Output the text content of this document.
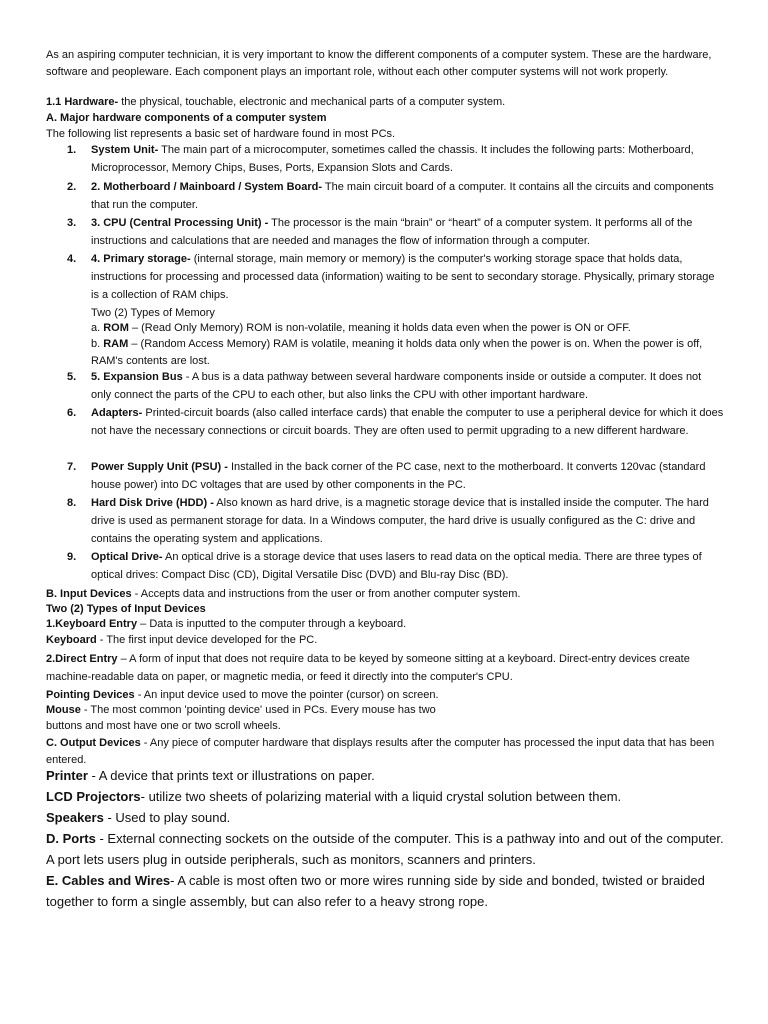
As an aspiring computer technician, it is very important to know the different components of a computer system. These are the hardware, software and peopleware. Each component plays an important role, without each other computer systems will not work properly.

1.1 Hardware- the physical, touchable, electronic and mechanical parts of a computer system.

A. Major hardware components of a computer system

The following list represents a basic set of hardware found in most PCs.

1. System Unit- The main part of a microcomputer, sometimes called the chassis. It includes the following parts: Motherboard, Microprocessor, Memory Chips, Buses, Ports, Expansion Slots and Cards.

2. 2. Motherboard / Mainboard / System Board- The main circuit board of a computer. It contains all the circuits and components that run the computer.

3. 3. CPU (Central Processing Unit) - The processor is the main “brain” or “heart” of a computer system. It performs all of the instructions and calculations that are needed and manages the flow of information through a computer.

4. 4. Primary storage- (internal storage, main memory or memory) is the computer's working storage space that holds data, instructions for processing and processed data (information) waiting to be sent to secondary storage. Physically, primary storage is a collection of RAM chips.

Two (2) Types of Memory

a. ROM – (Read Only Memory) ROM is non-volatile, meaning it holds data even when the power is ON or OFF.

b. RAM – (Random Access Memory) RAM is volatile, meaning it holds data only when the power is on. When the power is off, RAM's contents are lost.

5. 5. Expansion Bus - A bus is a data pathway between several hardware components inside or outside a computer. It does not only connect the parts of the CPU to each other, but also links the CPU with other important hardware.

6. Adapters- Printed-circuit boards (also called interface cards) that enable the computer to use a peripheral device for which it does not have the necessary connections or circuit boards. They are often used to permit upgrading to a new different hardware.

7. Power Supply Unit (PSU) - Installed in the back corner of the PC case, next to the motherboard. It converts 120vac (standard house power) into DC voltages that are used by other components in the PC.

8. Hard Disk Drive (HDD) - Also known as hard drive, is a magnetic storage device that is installed inside the computer. The hard drive is used as permanent storage for data. In a Windows computer, the hard drive is usually configured as the C: drive and contains the operating system and applications.

9. Optical Drive- An optical drive is a storage device that uses lasers to read data on the optical media. There are three types of optical drives: Compact Disc (CD), Digital Versatile Disc (DVD) and Blu-ray Disc (BD).

B. Input Devices - Accepts data and instructions from the user or from another computer system.

Two (2) Types of Input Devices

1.Keyboard Entry – Data is inputted to the computer through a keyboard.

Keyboard - The first input device developed for the PC.

2.Direct Entry – A form of input that does not require data to be keyed by someone sitting at a keyboard. Direct-entry devices create machine-readable data on paper, or magnetic media, or feed it directly into the computer's CPU.

Pointing Devices - An input device used to move the pointer (cursor) on screen.

Mouse - The most common 'pointing device' used in PCs. Every mouse has two

buttons and most have one or two scroll wheels.

C. Output Devices - Any piece of computer hardware that displays results after the computer has processed the input data that has been entered.

Printer - A device that prints text or illustrations on paper.

LCD Projectors- utilize two sheets of polarizing material with a liquid crystal solution between them.

Speakers - Used to play sound.

D. Ports - External connecting sockets on the outside of the computer. This is a pathway into and out of the computer. A port lets users plug in outside peripherals, such as monitors, scanners and printers.

E. Cables and Wires- A cable is most often two or more wires running side by side and bonded, twisted or braided together to form a single assembly, but can also refer to a heavy strong rope.
